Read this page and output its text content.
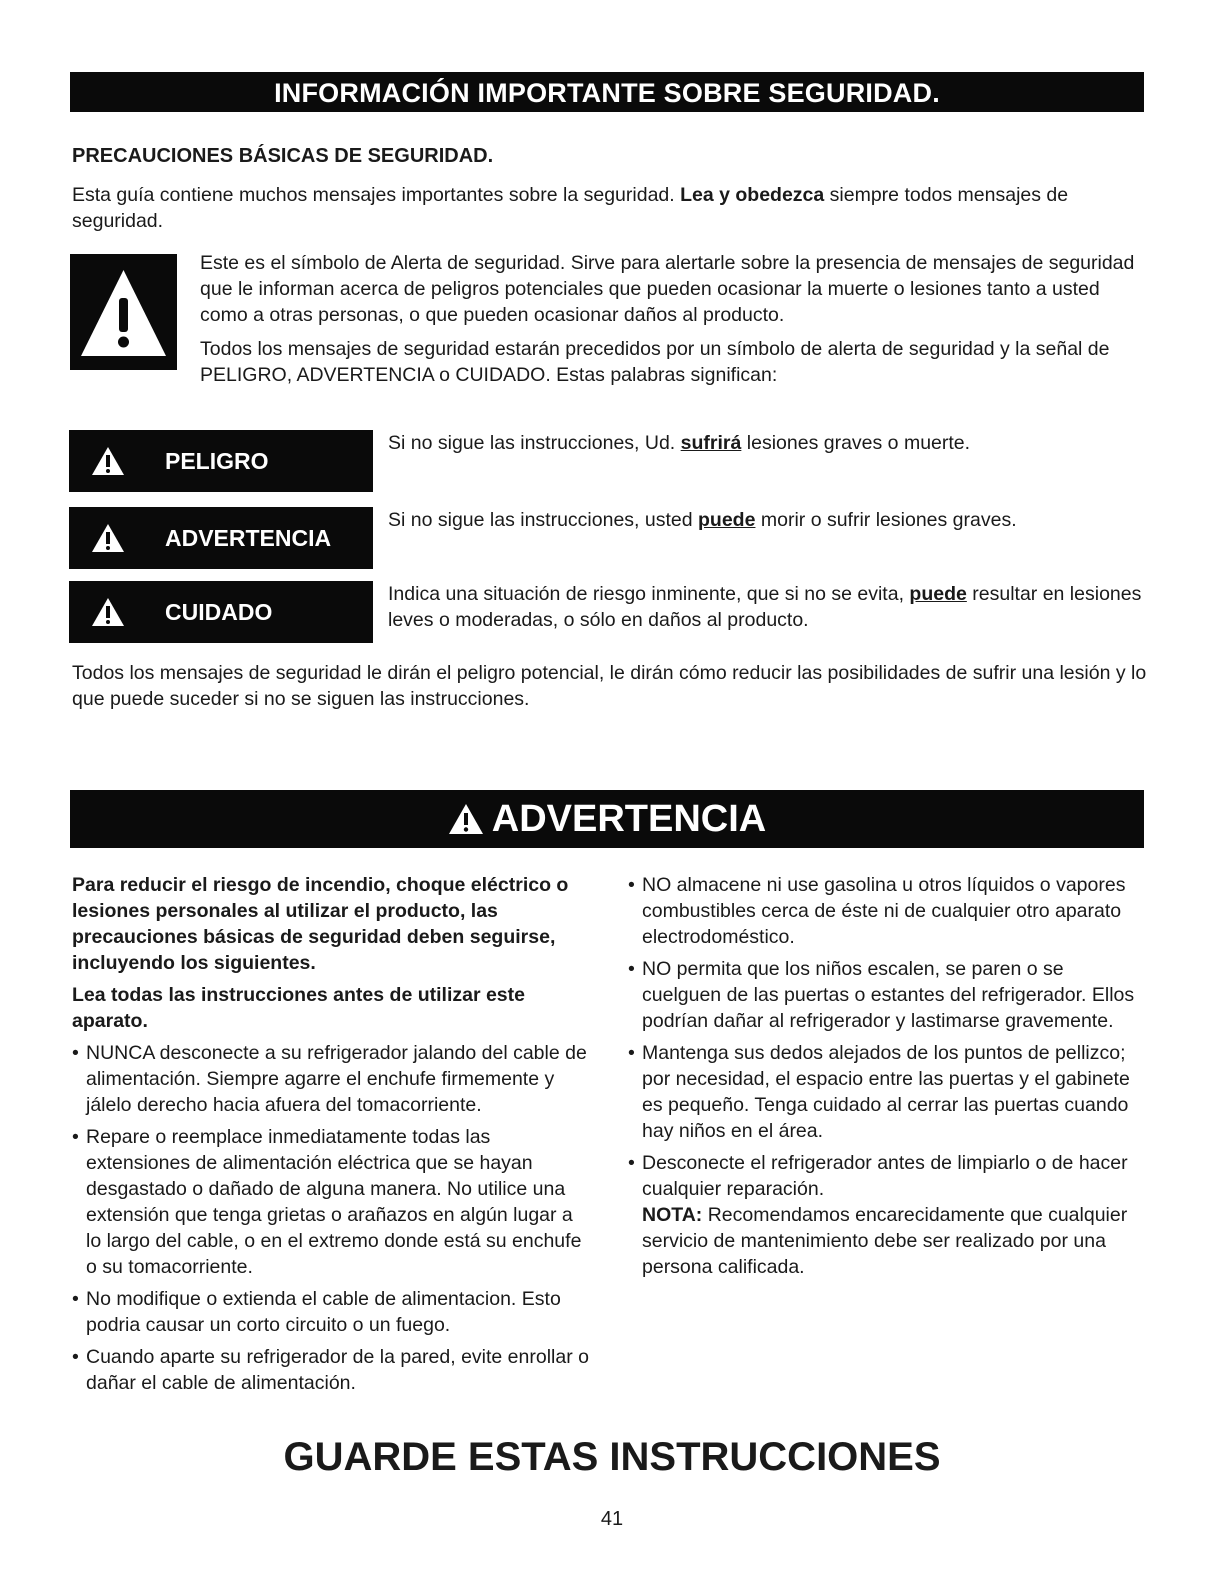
INFORMACIÓN IMPORTANTE SOBRE SEGURIDAD.
PRECAUCIONES BÁSICAS DE SEGURIDAD.
Esta guía contiene muchos mensajes importantes sobre la seguridad. Lea y obedezca siempre todos mensajes de seguridad.

Este es el símbolo de Alerta de seguridad. Sirve para alertarle sobre la presencia de mensajes de seguridad que le informan acerca de peligros potenciales que pueden ocasionar la muerte o lesiones tanto a usted como a otras personas, o que pueden ocasionar daños al producto.

Todos los mensajes de seguridad estarán precedidos por un símbolo de alerta de seguridad y la señal de PELIGRO, ADVERTENCIA o CUIDADO. Estas palabras significan:

PELIGRO
Si no sigue las instrucciones, Ud. sufrirá lesiones graves o muerte.
ADVERTENCIA
Si no sigue las instrucciones, usted puede morir o sufrir lesiones graves.
CUIDADO
Indica una situación de riesgo inminente, que si no se evita, puede resultar en lesiones leves o moderadas, o sólo en daños al producto.
Todos los mensajes de seguridad le dirán el peligro potencial, le dirán cómo reducir las posibilidades de sufrir una lesión y lo que puede suceder si no se siguen las instrucciones.
ADVERTENCIA

Para reducir el riesgo de incendio, choque eléctrico o lesiones personales al utilizar el producto, las precauciones básicas de seguridad deben seguirse, incluyendo los siguientes.

Lea todas las instrucciones antes de utilizar este aparato.

• NUNCA desconecte a su refrigerador jalando del cable de alimentación. Siempre agarre el enchufe firmemente y jálelo derecho hacia afuera del tomacorriente.
• Repare o reemplace inmediatamente todas las extensiones de alimentación eléctrica que se hayan desgastado o dañado de alguna manera. No utilice una extensión que tenga grietas o arañazos en algún lugar a lo largo del cable, o en el extremo donde está su enchufe o su tomacorriente.
• No modifique o extienda el cable de alimentacion. Esto podria causar un corto circuito o un fuego.
• Cuando aparte su refrigerador de la pared, evite enrollar o dañar el cable de alimentación.
• NO almacene ni use gasolina u otros líquidos o vapores combustibles cerca de éste ni de cualquier otro aparato electrodoméstico.
• NO permita que los niños escalen, se paren o se cuelguen de las puertas o estantes del refrigerador. Ellos podrían dañar al refrigerador y lastimarse gravemente.
• Mantenga sus dedos alejados de los puntos de pellizco; por necesidad, el espacio entre las puertas y el gabinete es pequeño. Tenga cuidado al cerrar las puertas cuando hay niños en el área.
• Desconecte el refrigerador antes de limpiarlo o de hacer cualquier reparación.
NOTA: Recomendamos encarecidamente que cualquier servicio de mantenimiento debe ser realizado por una persona calificada.
GUARDE ESTAS INSTRUCCIONES
41
